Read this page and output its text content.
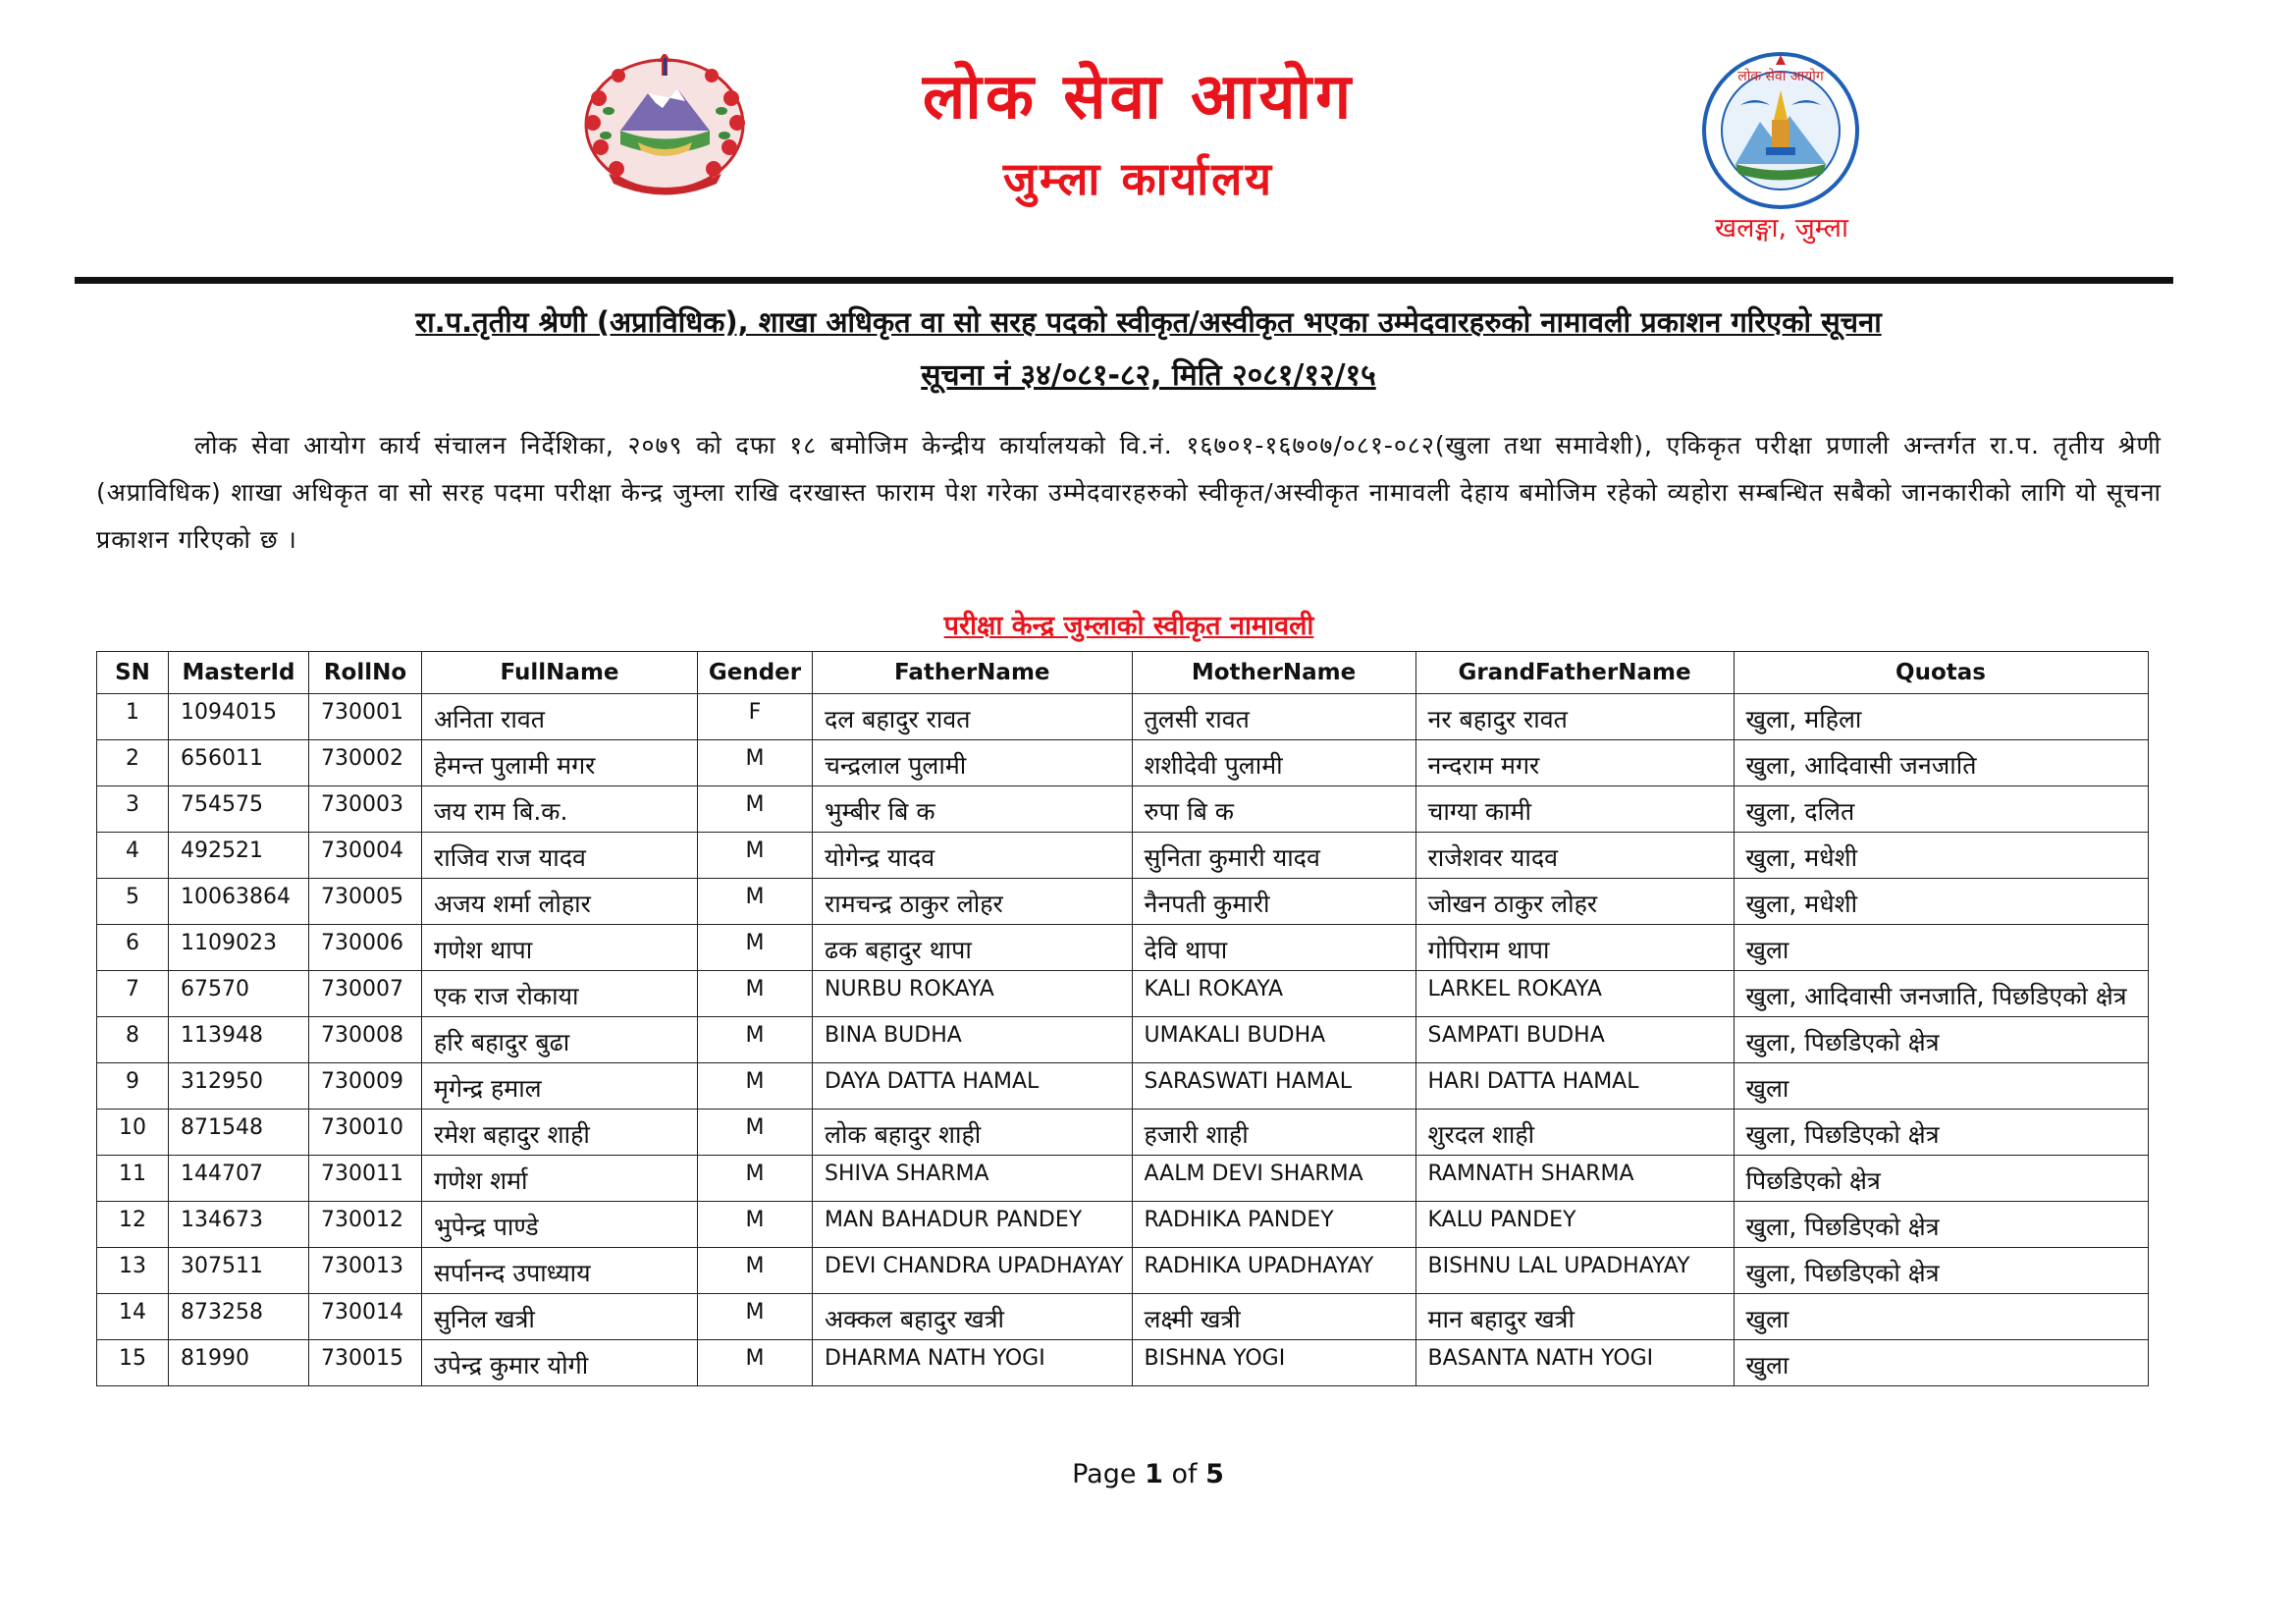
लोक सेवा आयोग
लोक सेवा आयोग
जुम्ला कार्यालय
खलङ्गा, जुम्ला
रा.प.तृतीय श्रेणी (अप्राविधिक), शाखा अधिकृत वा सो सरह पदको स्वीकृत/अस्वीकृत भएका उम्मेदवारहरुको नामावली प्रकाशन गरिएको सूचना
सूचना नं ३४/०८१-८२, मिति २०८१/१२/१५
लोक सेवा आयोग कार्य संचालन निर्देशिका, २०७९ को दफा १८ बमोजिम केन्द्रीय कार्यालयको वि.नं. १६७०१-१६७०७/०८१-०८२(खुला तथा समावेशी), एकिकृत परीक्षा प्रणाली अन्तर्गत रा.प. तृतीय श्रेणी (अप्राविधिक) शाखा अधिकृत वा सो सरह पदमा परीक्षा केन्द्र जुम्ला राखि दरखास्त फाराम पेश गरेका उम्मेदवारहरुको स्वीकृत/अस्वीकृत नामावली देहाय बमोजिम रहेको व्यहोरा सम्बन्धित सबैको जानकारीको लागि यो सूचना प्रकाशन गरिएको छ ।
परीक्षा केन्द्र जुम्लाको स्वीकृत नामावली
SN	MasterId	RollNo	FullName	Gender	FatherName	MotherName	GrandFatherName	Quotas
1	1094015	730001	अनिता रावत	F	दल बहादुर रावत	तुलसी रावत	नर बहादुर रावत	खुला, महिला
2	656011	730002	हेमन्त पुलामी मगर	M	चन्द्रलाल पुलामी	शशीदेवी पुलामी	नन्दराम मगर	खुला, आदिवासी जनजाति
3	754575	730003	जय राम बि.क.	M	भुम्बीर बि क	रुपा बि क	चाग्या कामी	खुला, दलित
4	492521	730004	राजिव राज यादव	M	योगेन्द्र यादव	सुनिता कुमारी यादव	राजेशवर यादव	खुला, मधेशी
5	10063864	730005	अजय शर्मा लोहार	M	रामचन्द्र ठाकुर लोहर	नैनपती कुमारी	जोखन ठाकुर लोहर	खुला, मधेशी
6	1109023	730006	गणेश थापा	M	ढक बहादुर थापा	देवि थापा	गोपिराम थापा	खुला
7	67570	730007	एक राज रोकाया	M	NURBU ROKAYA	KALI ROKAYA	LARKEL ROKAYA	खुला, आदिवासी जनजाति, पिछडिएको क्षेत्र
8	113948	730008	हरि बहादुर बुढा	M	BINA BUDHA	UMAKALI BUDHA	SAMPATI BUDHA	खुला, पिछडिएको क्षेत्र
9	312950	730009	मृगेन्द्र हमाल	M	DAYA DATTA HAMAL	SARASWATI HAMAL	HARI DATTA HAMAL	खुला
10	871548	730010	रमेश बहादुर शाही	M	लोक बहादुर शाही	हजारी शाही	शुरदल शाही	खुला, पिछडिएको क्षेत्र
11	144707	730011	गणेश शर्मा	M	SHIVA SHARMA	AALM DEVI SHARMA	RAMNATH SHARMA	पिछडिएको क्षेत्र
12	134673	730012	भुपेन्द्र पाण्डे	M	MAN BAHADUR PANDEY	RADHIKA PANDEY	KALU PANDEY	खुला, पिछडिएको क्षेत्र
13	307511	730013	सर्पानन्द उपाध्याय	M	DEVI CHANDRA UPADHAYAY	RADHIKA UPADHAYAY	BISHNU LAL UPADHAYAY	खुला, पिछडिएको क्षेत्र
14	873258	730014	सुनिल खत्री	M	अक्कल बहादुर खत्री	लक्ष्मी खत्री	मान बहादुर खत्री	खुला
15	81990	730015	उपेन्द्र कुमार योगी	M	DHARMA NATH YOGI	BISHNA YOGI	BASANTA NATH YOGI	खुला
Page 1 of 5
